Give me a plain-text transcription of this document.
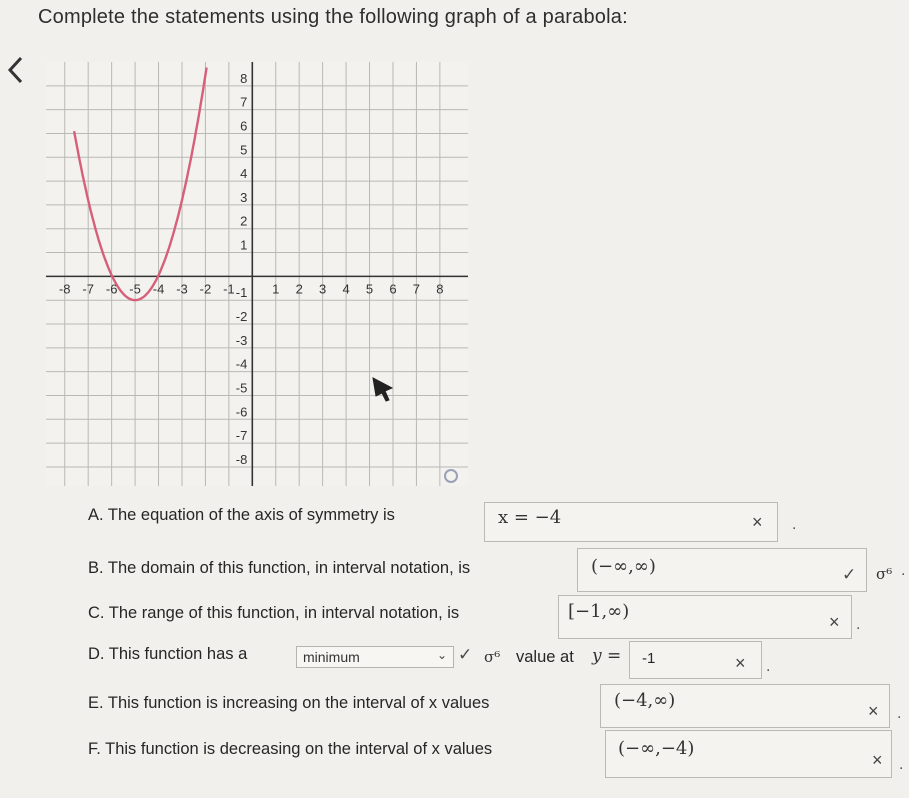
Complete the statements using the following graph of a parabola:
-8 -7 -6 -5 -4 -3 -2 -1	1 2 3 4 5 6 7 8
8
7
6
5
4
3
2
1
-1
-2
-3
-4
-5
-6
-7
-8
A. The equation of the axis of symmetry is	x = −4	× .
B. The domain of this function, in interval notation, is	(−∞,∞)	✓ σ⁶ .
C. The range of this function, in interval notation, is	[−1,∞)	× .
D. This function has a	minimum	⌄ ✓ σ⁶ value at y = -1	× .
E. This function is increasing on the interval of x values	(−4,∞)	× .
F. This function is decreasing on the interval of x values	(−∞,−4)
× .
